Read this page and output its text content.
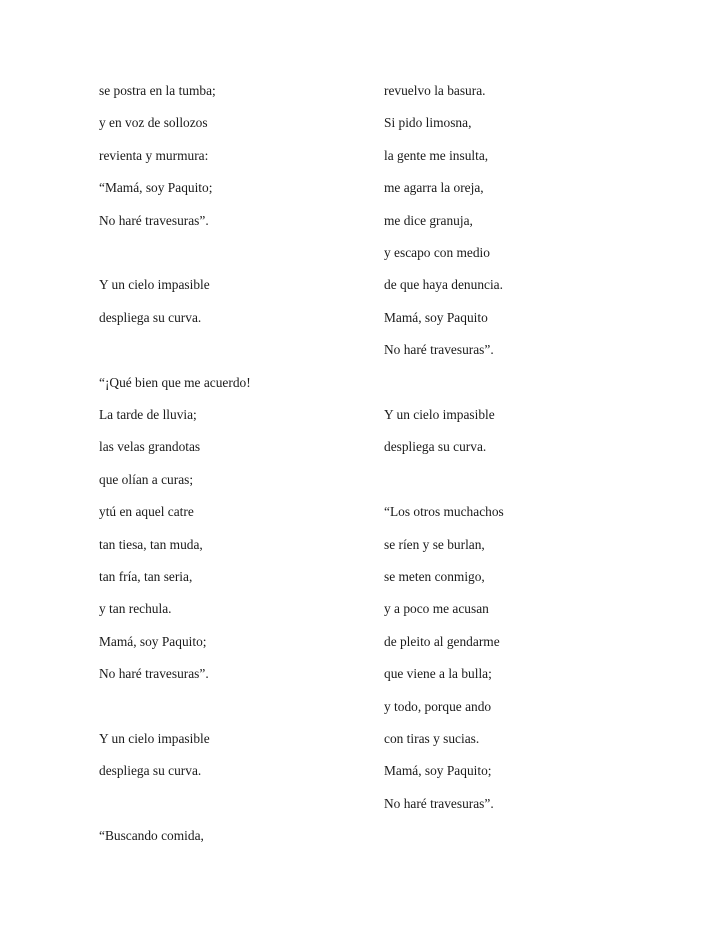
se postra en la tumba;
y en voz de sollozos
revienta y murmura:
“Mamá, soy Paquito;
No haré travesuras”.
Y un cielo impasible
despliega su curva.
“¡Qué bien que me acuerdo!
La tarde de lluvia;
las velas grandotas
que olían a curas;
ytú en aquel catre
tan tiesa, tan muda,
tan fría, tan seria,
y tan rechula.
Mamá, soy Paquito;
No haré travesuras”.
Y un cielo impasible
despliega su curva.
“Buscando comida,
revuelvo la basura.
Si pido limosna,
la gente me insulta,
me agarra la oreja,
me dice granuja,
y escapo con medio
de que haya denuncia.
Mamá, soy Paquito
No haré travesuras”.
Y un cielo impasible
despliega su curva.
“Los otros muchachos
se ríen y se burlan,
se meten conmigo,
y a poco me acusan
de pleito al gendarme
que viene a la bulla;
y todo, porque ando
con tiras y sucias.
Mamá, soy Paquito;
No haré travesuras”.
